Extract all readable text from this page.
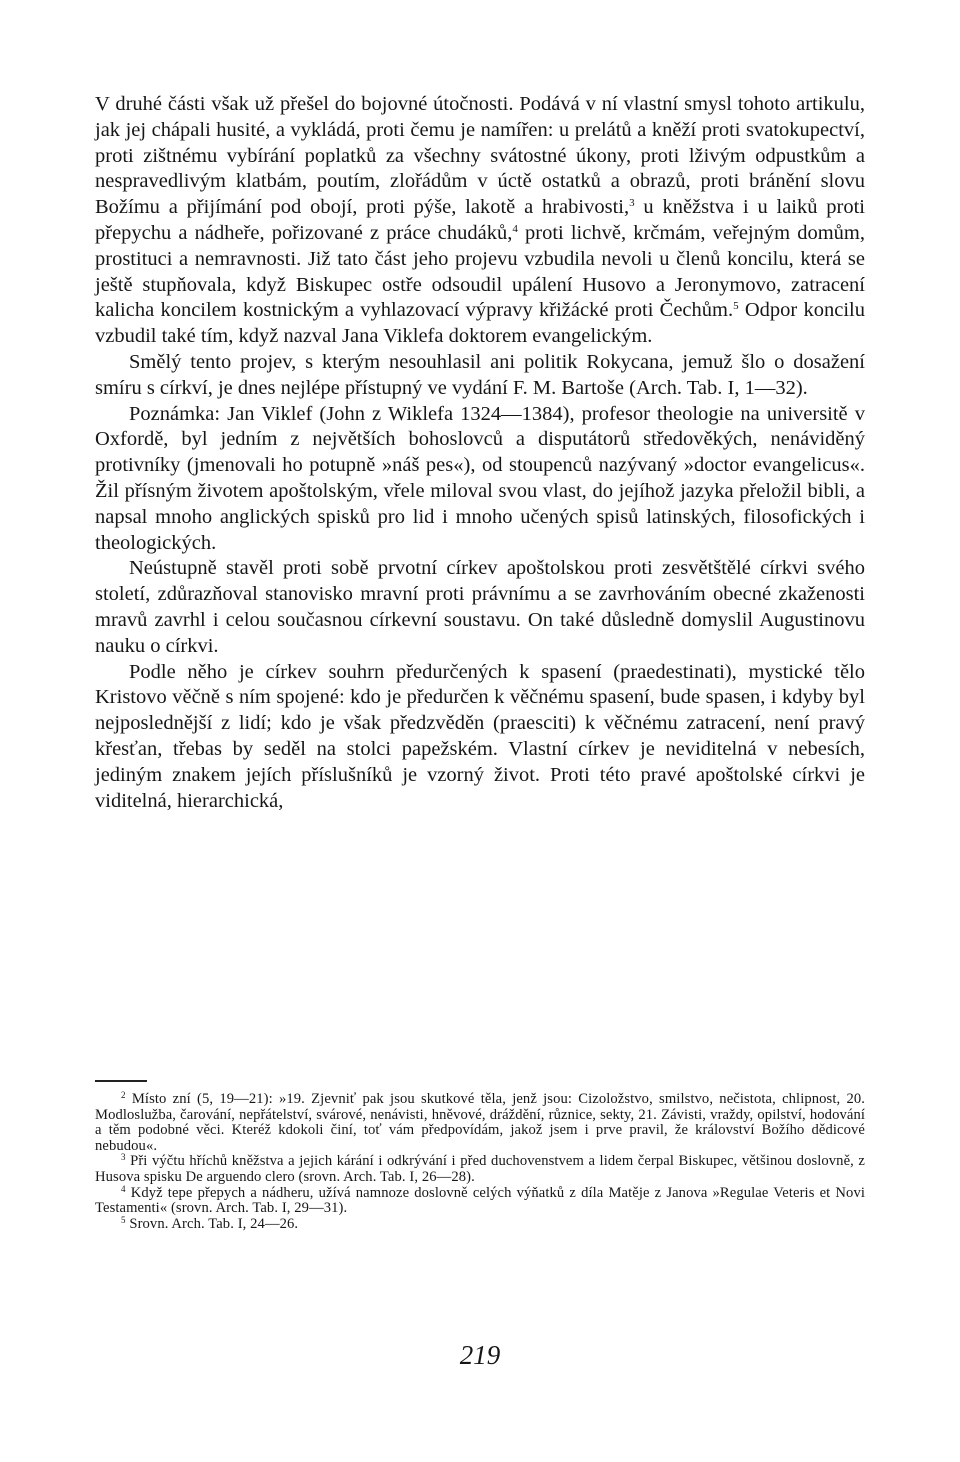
V druhé části však už přešel do bojovné útočnosti. Podává v ní vlastní smysl tohoto artikulu, jak jej chápali husité, a vykládá, proti čemu je namířen: u prelátů a kněží proti svatokupectví, proti zištnému vybírání poplatků za všechny svátostné úkony, proti lživým odpustkům a nespravedlivým klatbám, poutím, zlořádům v úctě ostatků a obrazů, proti bránění slovu Božímu a přijímání pod obojí, proti pýše, lakotě a hrabivosti,$^3$ u kněžstva i u laiků proti přepychu a nádheře, pořizované z práce chudáků,$^4$ proti lichvě, krčmám, veřejným domům, prostituci a nemravnosti. Již tato část jeho projevu vzbudila nevoli u členů koncilu, která se ještě stupňovala, když Biskupec ostře odsoudil upálení Husovo a Jeronymovo, zatracení kalicha koncilem kostnickým a vyhlazovací výpravy křižácké proti Čechům.$^5$ Odpor koncilu vzbudil také tím, když nazval Jana Viklefa doktorem evangelickým.

Smělý tento projev, s kterým nesouhlasil ani politik Rokycana, jemuž šlo o dosažení smíru s církví, je dnes nejlépe přístupný ve vydání F. M. Bartoše (Arch. Tab. I, 1—32).

Poznámka: Jan Viklef (John z Wiklefa 1324—1384), profesor theologie na universitě v Oxfordě, byl jedním z největších bohoslovců a disputátorů středověkých, nenáviděný protivníky (jmenovali ho potupně »náš pes«), od stoupenců nazývaný »doctor evangelicus«. Žil přísným životem apoštolským, vřele miloval svou vlast, do jejíhož jazyka přeložil bibli, a napsal mnoho anglických spisků pro lid i mnoho učených spisů latinských, filosofických i theologických.

Neústupně stavěl proti sobě prvotní církev apoštolskou proti zesvětštělé církvi svého století, zdůrazňoval stanovisko mravní proti právnímu a se zavrhováním obecné zkaženosti mravů zavrhl i celou současnou církevní soustavu. On také důsledně domyslil Augustinovu nauku o církvi.

Podle něho je církev souhrn předurčených k spasení (praedestinati), mystické tělo Kristovo věčně s ním spojené: kdo je předurčen k věčnému spasení, bude spasen, i kdyby byl nejposlednější z lidí; kdo je však předzvěděn (praesciti) k věčnému zatracení, není pravý křesťan, třebas by seděl na stolci papežském. Vlastní církev je neviditelná v nebesích, jediným znakem jejích příslušníků je vzorný život. Proti této pravé apoštolské církvi je viditelná, hierarchická,

$^2$ Místo zní (5, 19—21): »19. Zjevniť pak jsou skutkové těla, jenž jsou: Cizoložstvo, smilstvo, nečistota, chlipnost, 20. Modloslužba, čarování, nepřátelství, svárové, nenávisti, hněvové, dráždění, různice, sekty, 21. Závisti, vraždy, opilství, hodování a těm podobné věci. Kteréž kdokoli činí, toť vám předpovídám, jakož jsem i prve pravil, že království Božího dědicové nebudou«.

$^3$ Při výčtu hříchů kněžstva a jejich kárání i odkrývání i před duchovenstvem a lidem čerpal Biskupec, většinou doslovně, z Husova spisku De arguendo clero (srovn. Arch. Tab. I, 26—28).

$^4$ Když tepe přepych a nádheru, užívá namnoze doslovně celých výňatků z díla Matěje z Janova »Regulae Veteris et Novi Testamenti« (srovn. Arch. Tab. I, 29—31).

$^5$ Srovn. Arch. Tab. I, 24—26.

219
